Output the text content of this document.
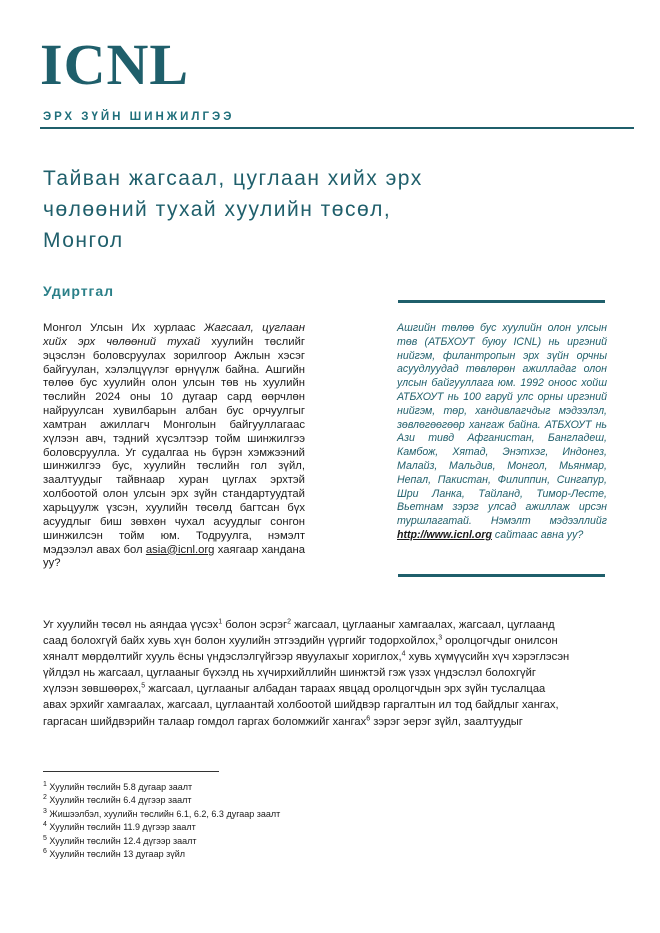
ICNL
ЭРХ ЗҮЙН ШИНЖИЛГЭЭ
Тайван жагсаал, цуглаан хийх эрх
чөлөөний тухай хуулийн төсөл,
Монгол
Удиртгал
Монгол Улсын Их хурлаас Жагсаал, цуглаан хийх эрх чөлөөний тухай хуулийн төслийг эцэслэн боловсруулах зорилгоор Ажлын хэсэг байгуулан, хэлэлцүүлэг өрнүүлж байна. Ашгийн төлөө бус хуулийн олон улсын төв нь хуулийн төслийн 2024 оны 10 дугаар сард өөрчлөн найруулсан хувилбарын албан бус орчуулгыг хамтран ажиллагч Монголын байгууллагаас хүлээн авч, тэдний хүсэлтээр тойм шинжилгээ боловсруулла. Уг судалгаа нь бүрэн хэмжээний шинжилгээ бус, хуулийн төслийн гол зүйл, заалтуудыг тайвнаар хуран цуглах эрхтэй холбоотой олон улсын эрх зүйн стандартуудтай харьцуулж үзсэн, хуулийн төсөлд багтсан бүх асуудлыг биш зөвхөн чухал асуудлыг сонгон шинжилсэн тойм юм. Тодруулга, нэмэлт мэдээлэл авах бол asia@icnl.org хаягаар хандана уу?
Ашгийн төлөө бус хуулийн олон улсын төв (АТБХОУТ буюу ICNL) нь иргэний нийгэм, филантропын эрх зүйн орчны асуудлуудад төвлөрөн ажилладаг олон улсын байгууллага юм. 1992 оноос хойш АТБХОУТ нь 100 гаруй улс орны иргэний нийгэм, төр, хандивлагчдыг мэдээлэл, зөвлөгөөгөөр хангаж байна. АТБХОУТ нь Ази тивд Афганистан, Бангладеш, Камбож, Хятад, Энэтхэг, Индонез, Малайз, Мальдив, Монгол, Мьянмар, Непал, Пакистан, Филиппин, Сингапур, Шри Ланка, Тайланд, Тимор-Лесте, Вьетнам зэрэг улсад ажиллаж ирсэн туршлагатай. Нэмэлт мэдээллийг http://www.icnl.org сайтаас авна уу?
Уг хуулийн төсөл нь аяндаа үүсэх$^1$ болон эсрэг$^2$ жагсаал, цуглааныг хамгаалах, жагсаал, цуглаанд
саад болохгүй байх хувь хүн болон хуулийн этгээдийн үүргийг тодорхойлох,$^3$ оролцогчдыг онилсон
хяналт мөрдөлтийг хууль ёсны үндэслэлгүйгээр явуулахыг хориглох,$^4$ хувь хүмүүсийн хүч хэрэглэсэн
үйлдэл нь жагсаал, цуглааныг бүхэлд нь хүчирхийллийн шинжтэй гэж үзэх үндэслэл болохгүйг
хүлээн зөвшөөрөх,$^5$ жагсаал, цуглааныг албадан тараах явцад оролцогчдын эрх зүйн туслалцаа
авах эрхийг хамгаалах, жагсаал, цуглаантай холбоотой шийдвэр гаргалтын ил тод байдлыг хангах,
гаргасан шийдвэрийн талаар гомдол гаргах боломжийг хангах$^6$ зэрэг эерэг зүйл, заалтуудыг
$^1$ Хуулийн төслийн 5.8 дугаар заалт
$^2$ Хуулийн төслийн 6.4 дүгээр заалт
$^3$ Жишээлбэл, хуулийн төслийн 6.1, 6.2, 6.3 дугаар заалт
$^4$ Хуулийн төслийн 11.9 дүгээр заалт
$^5$ Хуулийн төслийн 12.4 дүгээр заалт
$^6$ Хуулийн төслийн 13 дугаар зүйл
